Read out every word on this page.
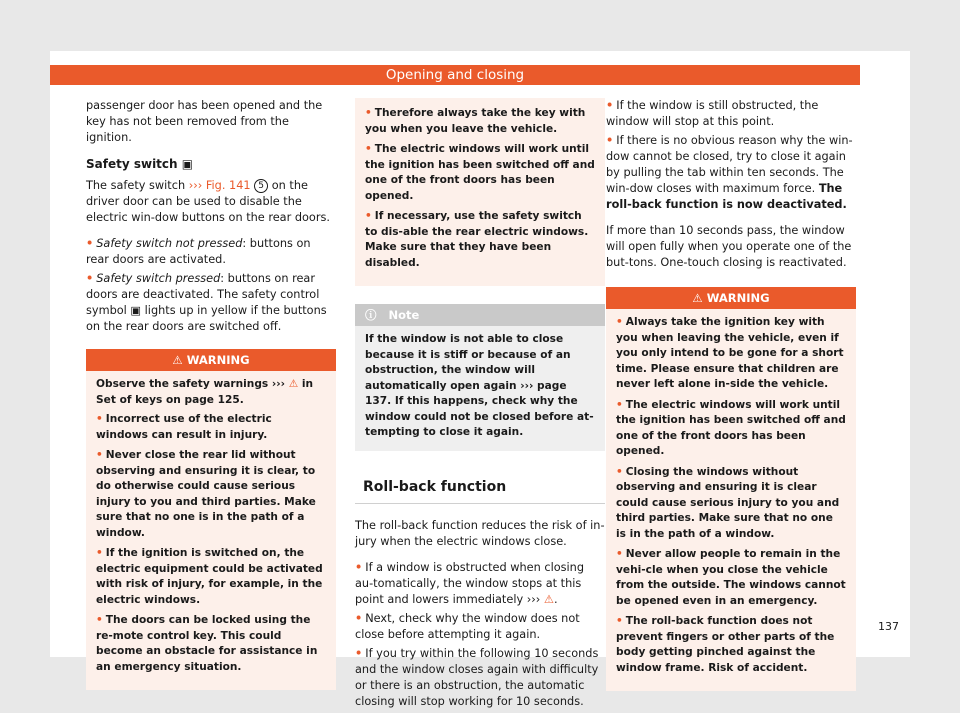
Opening and closing

passenger door has been opened and the key has not been removed from the ignition.

Safety switch ▣

The safety switch ››› Fig. 141 5 on the driver door can be used to disable the electric win-dow buttons on the rear doors.

• Safety switch not pressed: buttons on rear doors are activated.
• Safety switch pressed: buttons on rear doors are deactivated. The safety control symbol ▣ lights up in yellow if the buttons on the rear doors are switched off.
⚠ WARNING
Observe the safety warnings ››› ⚠ in Set of keys on page 125.
• Incorrect use of the electric windows can result in injury.
• Never close the rear lid without observing and ensuring it is clear, to do otherwise could cause serious injury to you and third parties. Make sure that no one is in the path of a window.
• If the ignition is switched on, the electric equipment could be activated with risk of injury, for example, in the electric windows.
• The doors can be locked using the re-mote control key. This could become an obstacle for assistance in an emergency situation.
• Therefore always take the key with you when you leave the vehicle.
• The electric windows will work until the ignition has been switched off and one of the front doors has been opened.
• If necessary, use the safety switch to dis-able the rear electric windows. Make sure that they have been disabled.
ⓘ Note
If the window is not able to close because it is stiff or because of an obstruction, the window will automatically open again ››› page 137. If this happens, check why the window could not be closed before at-tempting to close it again.
Roll-back function

The roll-back function reduces the risk of in-jury when the electric windows close.

• If a window is obstructed when closing au-tomatically, the window stops at this point and lowers immediately ››› ⚠.
• Next, check why the window does not close before attempting it again.
• If you try within the following 10 seconds and the window closes again with difficulty or there is an obstruction, the automatic closing will stop working for 10 seconds.
• If the window is still obstructed, the window will stop at this point.
• If there is no obvious reason why the win-dow cannot be closed, try to close it again by pulling the tab within ten seconds. The win-dow closes with maximum force. The roll-back function is now deactivated.

If more than 10 seconds pass, the window will open fully when you operate one of the but-tons. One-touch closing is reactivated.

⚠ WARNING
• Always take the ignition key with you when leaving the vehicle, even if you only intend to be gone for a short time. Please ensure that children are never left alone in-side the vehicle.
• The electric windows will work until the ignition has been switched off and one of the front doors has been opened.
• Closing the windows without observing and ensuring it is clear could cause serious injury to you and third parties. Make sure that no one is in the path of a window.
• Never allow people to remain in the vehi-cle when you close the vehicle from the outside. The windows cannot be opened even in an emergency.
• The roll-back function does not prevent fingers or other parts of the body getting pinched against the window frame. Risk of accident.
137
